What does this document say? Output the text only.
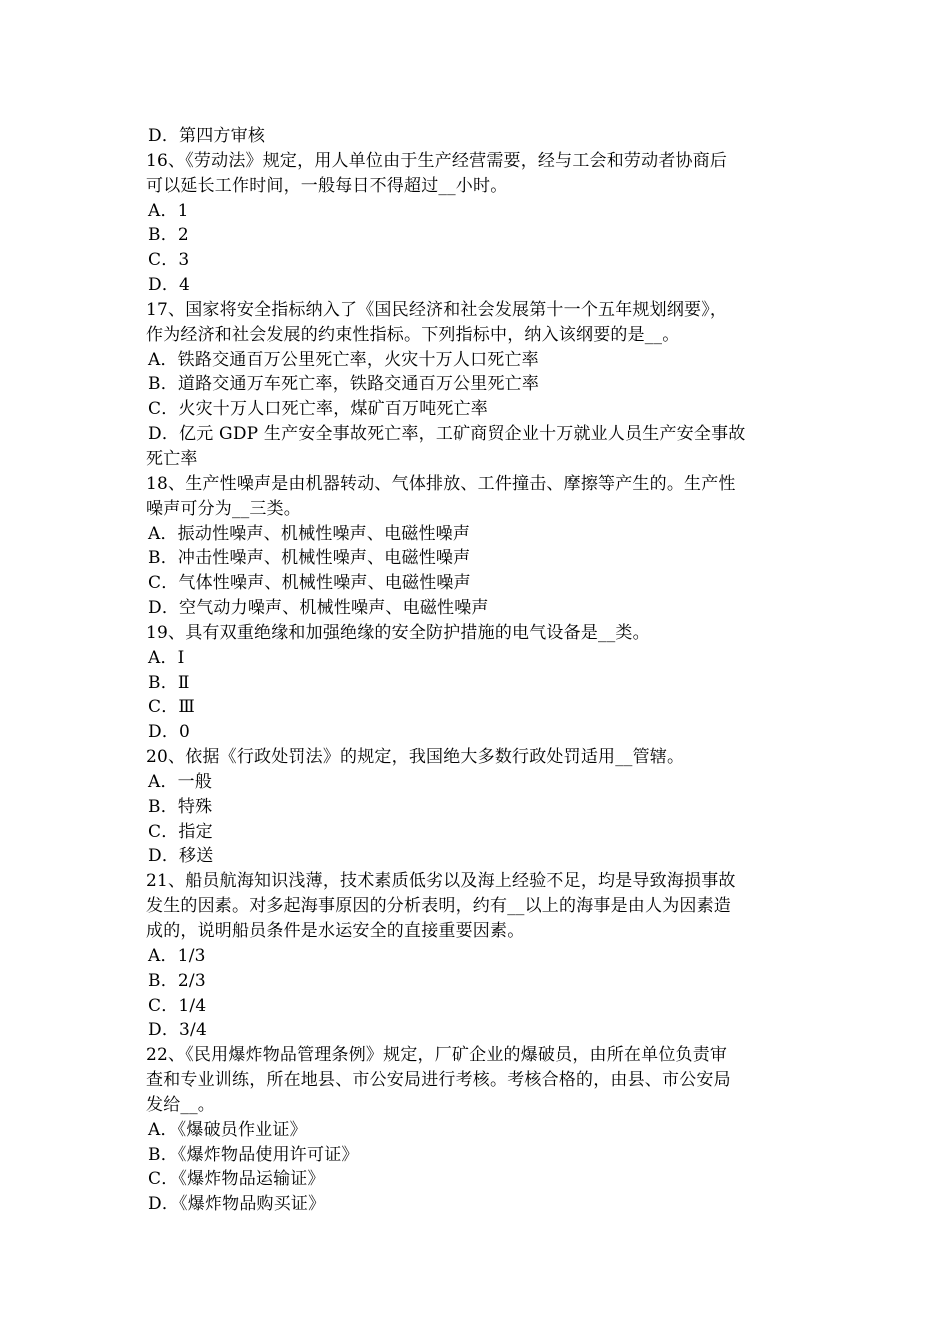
D．第四方审核
16、《劳动法》规定，用人单位由于生产经营需要，经与工会和劳动者协商后
可以延长工作时间，一般每日不得超过__小时。
A．1
B．2
C．3
D．4
17、国家将安全指标纳入了《国民经济和社会发展第十一个五年规划纲要》，
作为经济和社会发展的约束性指标。下列指标中，纳入该纲要的是__。
A．铁路交通百万公里死亡率，火灾十万人口死亡率
B．道路交通万车死亡率，铁路交通百万公里死亡率
C．火灾十万人口死亡率，煤矿百万吨死亡率
D．亿元 GDP 生产安全事故死亡率，工矿商贸企业十万就业人员生产安全事故
死亡率
18、生产性噪声是由机器转动、气体排放、工件撞击、摩擦等产生的。生产性
噪声可分为__三类。
A．振动性噪声、机械性噪声、电磁性噪声
B．冲击性噪声、机械性噪声、电磁性噪声
C．气体性噪声、机械性噪声、电磁性噪声
D．空气动力噪声、机械性噪声、电磁性噪声
19、具有双重绝缘和加强绝缘的安全防护措施的电气设备是__类。
A．Ⅰ
B．Ⅱ
C．Ⅲ
D．0
20、依据《行政处罚法》的规定，我国绝大多数行政处罚适用__管辖。
A．一般
B．特殊
C．指定
D．移送
21、船员航海知识浅薄，技术素质低劣以及海上经验不足，均是导致海损事故
发生的因素。对多起海事原因的分析表明，约有__以上的海事是由人为因素造
成的，说明船员条件是水运安全的直接重要因素。
A．1/3
B．2/3
C．1/4
D．3/4
22、《民用爆炸物品管理条例》规定，厂矿企业的爆破员，由所在单位负责审
查和专业训练，所在地县、市公安局进行考核。考核合格的，由县、市公安局
发给__。
A．《爆破员作业证》
B．《爆炸物品使用许可证》
C．《爆炸物品运输证》
D．《爆炸物品购买证》
